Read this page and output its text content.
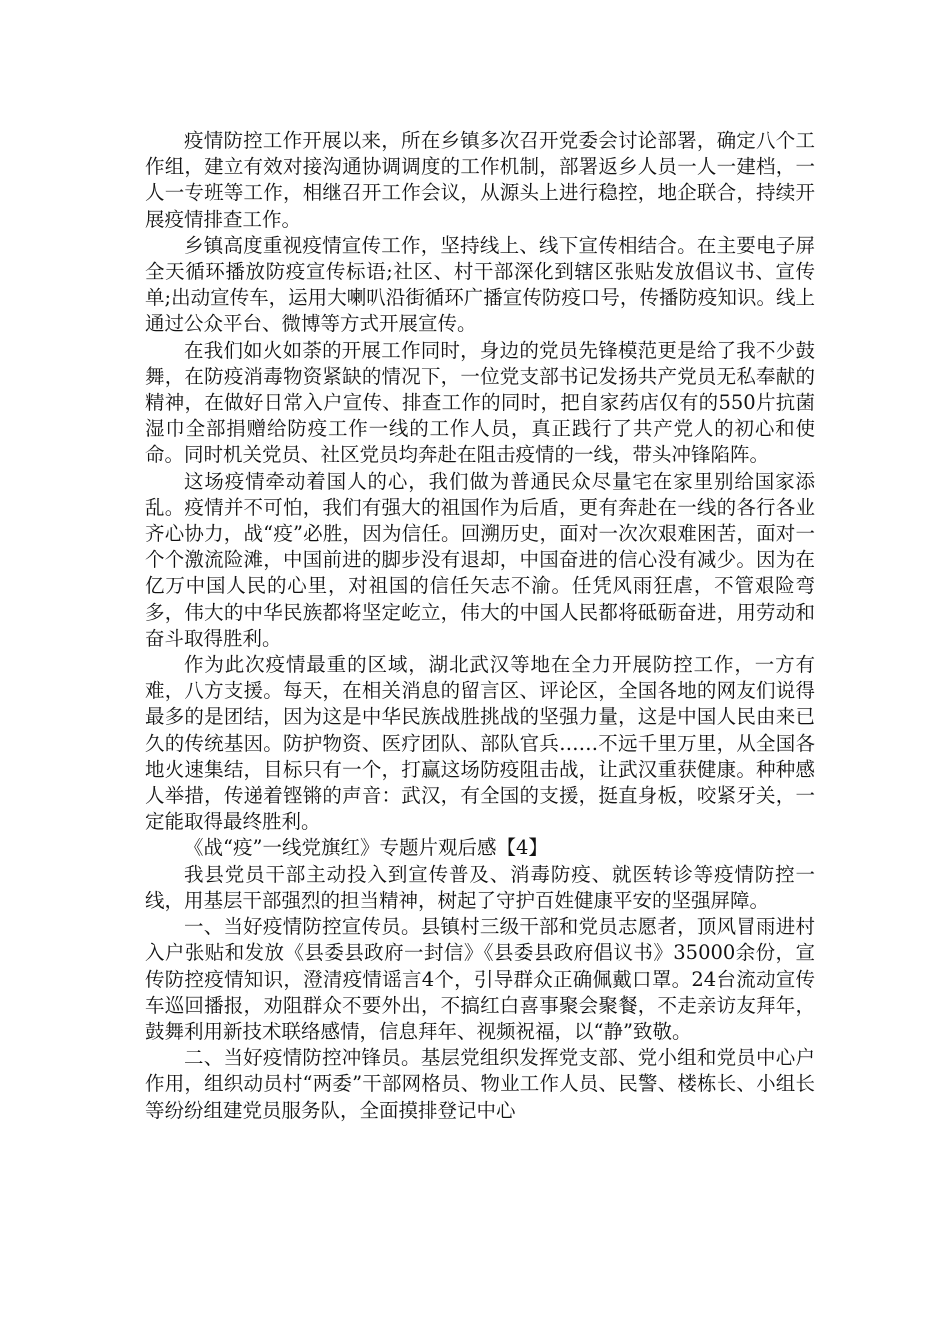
疫情防控工作开展以来，所在乡镇多次召开党委会讨论部署，确定八个工作组，建立有效对接沟通协调调度的工作机制，部署返乡人员一人一建档，一人一专班等工作，相继召开工作会议，从源头上进行稳控，地企联合，持续开展疫情排查工作。

乡镇高度重视疫情宣传工作，坚持线上、线下宣传相结合。在主要电子屏全天循环播放防疫宣传标语;社区、村干部深化到辖区张贴发放倡议书、宣传单;出动宣传车，运用大喇叭沿街循环广播宣传防疫口号，传播防疫知识。线上通过公众平台、微博等方式开展宣传。

在我们如火如荼的开展工作同时，身边的党员先锋模范更是给了我不少鼓舞，在防疫消毒物资紧缺的情况下，一位党支部书记发扬共产党员无私奉献的精神，在做好日常入户宣传、排查工作的同时，把自家药店仅有的550片抗菌湿巾全部捐赠给防疫工作一线的工作人员，真正践行了共产党人的初心和使命。同时机关党员、社区党员均奔赴在阻击疫情的一线，带头冲锋陷阵。

这场疫情牵动着国人的心，我们做为普通民众尽量宅在家里别给国家添乱。疫情并不可怕，我们有强大的祖国作为后盾，更有奔赴在一线的各行各业齐心协力，战“疫”必胜，因为信任。回溯历史，面对一次次艰难困苦，面对一个个激流险滩，中国前进的脚步没有退却，中国奋进的信心没有减少。因为在亿万中国人民的心里，对祖国的信任矢志不渝。任凭风雨狂虐，不管艰险弯多，伟大的中华民族都将坚定屹立，伟大的中国人民都将砥砺奋进，用劳动和奋斗取得胜利。

作为此次疫情最重的区域，湖北武汉等地在全力开展防控工作，一方有难，八方支援。每天，在相关消息的留言区、评论区，全国各地的网友们说得最多的是团结，因为这是中华民族战胜挑战的坚强力量，这是中国人民由来已久的传统基因。防护物资、医疗团队、部队官兵……不远千里万里，从全国各地火速集结，目标只有一个，打赢这场防疫阻击战，让武汉重获健康。种种感人举措，传递着铿锵的声音：武汉，有全国的支援，挺直身板，咬紧牙关，一定能取得最终胜利。

《战“疫”一线党旗红》专题片观后感【4】

我县党员干部主动投入到宣传普及、消毒防疫、就医转诊等疫情防控一线，用基层干部强烈的担当精神，树起了守护百姓健康平安的坚强屏障。

一、当好疫情防控宣传员。县镇村三级干部和党员志愿者，顶风冒雨进村入户张贴和发放《县委县政府一封信》《县委县政府倡议书》35000余份，宣传防控疫情知识，澄清疫情谣言4个，引导群众正确佩戴口罩。24台流动宣传车巡回播报，劝阻群众不要外出，不搞红白喜事聚会聚餐，不走亲访友拜年，鼓舞利用新技术联络感情，信息拜年、视频祝福，以“静”致敬。

二、当好疫情防控冲锋员。基层党组织发挥党支部、党小组和党员中心户作用，组织动员村“两委”干部网格员、物业工作人员、民警、楼栋长、小组长等纷纷组建党员服务队，全面摸排登记中心
